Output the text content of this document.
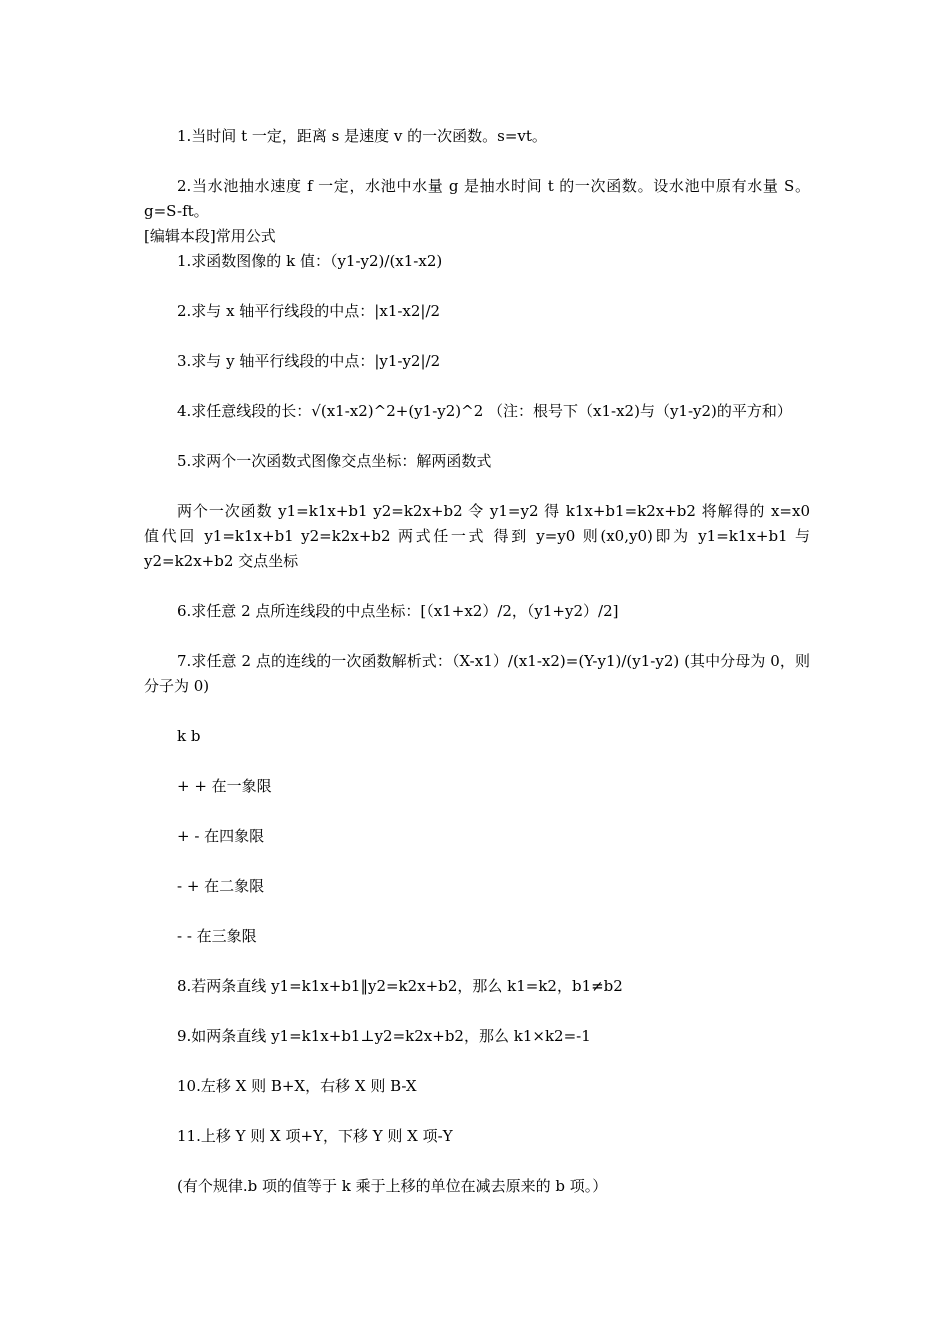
1.当时间 t 一定，距离 s 是速度 v 的一次函数。s=vt。

2.当水池抽水速度 f 一定，水池中水量 g 是抽水时间 t 的一次函数。设水池中原有水量 S。g=S-ft。

[编辑本段]常用公式

1.求函数图像的 k 值：（y1-y2)/(x1-x2)

2.求与 x 轴平行线段的中点：|x1-x2|/2

3.求与 y 轴平行线段的中点：|y1-y2|/2

4.求任意线段的长：√(x1-x2)^2+(y1-y2)^2 （注：根号下（x1-x2)与（y1-y2)的平方和）

5.求两个一次函数式图像交点坐标：解两函数式

两个一次函数 y1=k1x+b1 y2=k2x+b2 令 y1=y2 得 k1x+b1=k2x+b2 将解得的 x=x0 值代回 y1=k1x+b1 y2=k2x+b2 两式任一式 得到 y=y0 则(x0,y0)即为 y1=k1x+b1 与 y2=k2x+b2 交点坐标

6.求任意 2 点所连线段的中点坐标：[（x1+x2）/2，（y1+y2）/2]

7.求任意 2 点的连线的一次函数解析式：（X-x1）/(x1-x2)=(Y-y1)/(y1-y2) (其中分母为 0，则分子为 0)

k b

+ + 在一象限

+ - 在四象限

- + 在二象限

- - 在三象限

8.若两条直线 y1=k1x+b1‖y2=k2x+b2，那么 k1=k2，b1≠b2

9.如两条直线 y1=k1x+b1⊥y2=k2x+b2，那么 k1×k2=-1

10.左移 X 则 B+X，右移 X 则 B-X

11.上移 Y 则 X 项+Y，下移 Y 则 X 项-Y

(有个规律.b 项的值等于 k 乘于上移的单位在减去原来的 b 项。）
